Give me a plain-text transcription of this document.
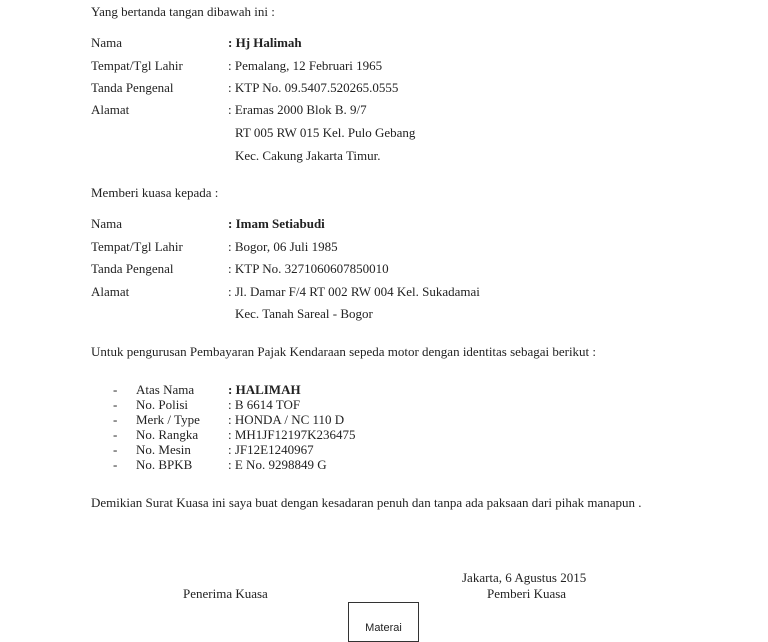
Yang bertanda tangan dibawah ini :
Nama	: Hj Halimah
Tempat/Tgl Lahir	: Pemalang, 12 Februari 1965
Tanda Pengenal	: KTP No. 09.5407.520265.0555
Alamat	: Eramas 2000 Blok B. 9/7
RT 005 RW 015 Kel. Pulo Gebang
Kec. Cakung Jakarta Timur.
Memberi kuasa kepada :
Nama	: Imam Setiabudi
Tempat/Tgl Lahir	: Bogor, 06 Juli 1985
Tanda Pengenal	: KTP No. 3271060607850010
Alamat	: Jl. Damar F/4 RT 002 RW 004 Kel. Sukadamai
Kec. Tanah Sareal - Bogor
Untuk pengurusan Pembayaran Pajak Kendaraan sepeda motor dengan identitas sebagai berikut :
- Atas Nama	: HALIMAH
- No. Polisi	: B 6614 TOF
- Merk / Type : HONDA / NC 110 D
- No. Rangka : MH1JF12197K236475
- No. Mesin	: JF12E1240967
- No. BPKB	: E No. 9298849 G
Demikian Surat Kuasa ini saya buat dengan kesadaran penuh dan tanpa ada paksaan dari pihak manapun .
Jakarta, 6 Agustus 2015
Penerima Kuasa	Pemberi Kuasa
Materai
